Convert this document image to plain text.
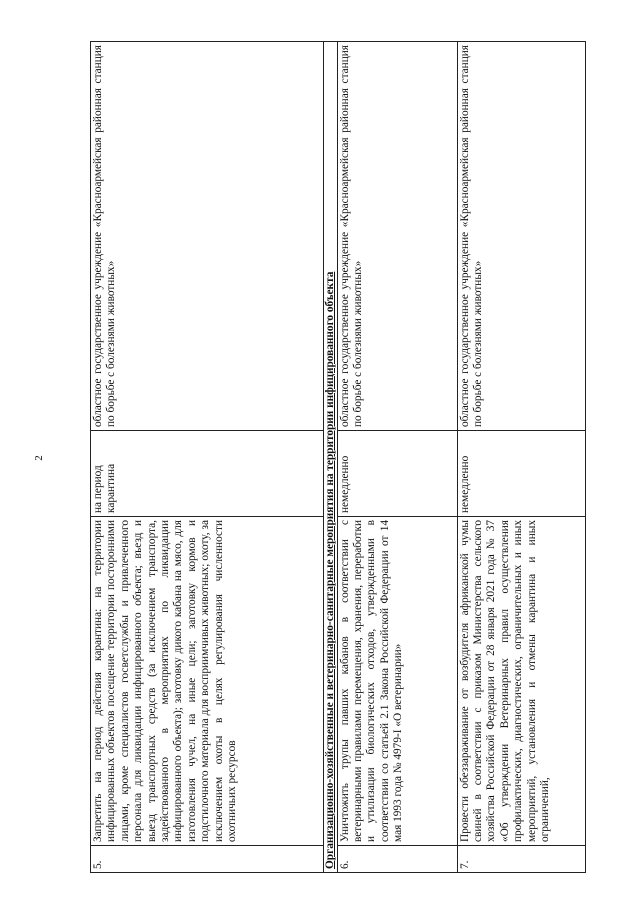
2
5.	Запретить на период действия карантина: на территории инфицированных объектов посещение территории посторонними лицами, кроме специалистов госветслужбы и привлеченного персонала для ликвидации инфицированного объекта; въезд и выезд транспортных средств (за исключением транспорта, задействованного в мероприятиях по ликвидации инфицированного объекта); заготовку дикого кабана на мясо, для изготовления чучел, на иные цели; заготовку кормов и подстилочного материала для восприимчивых животных; охоту, за исключением охоты в целях регулирования численности охотничьих ресурсов	на период карантина	областное государственное учреждение «Красноармейская районная станция по борьбе с болезнями животных»
Организационно-хозяйственные и ветеринарно-санитарные мероприятия на территории инфицированного объекта			
6.	Уничтожить трупы павших кабанов в соответствии с ветеринарными правилами перемещения, хранения, переработки и утилизации биологических отходов, утвержденными в соответствии со статьей 2.1 Закона Российской Федерации от 14 мая 1993 года № 4979-I «О ветеринарии»	немедленно	областное государственное учреждение «Красноармейская районная станция по борьбе с болезнями животных»
7.	Провести обеззараживание от возбудителя африканской чумы свиней в соответствии с приказом Министерства сельского хозяйства Российской Федерации от 28 января 2021 года № 37 «Об утверждении Ветеринарных правил осуществления профилактических, диагностических, ограничительных и иных мероприятий, установления и отмены карантина и иных ограничений,	немедленно	областное государственное учреждение «Красноармейская районная станция по борьбе с болезнями животных»
